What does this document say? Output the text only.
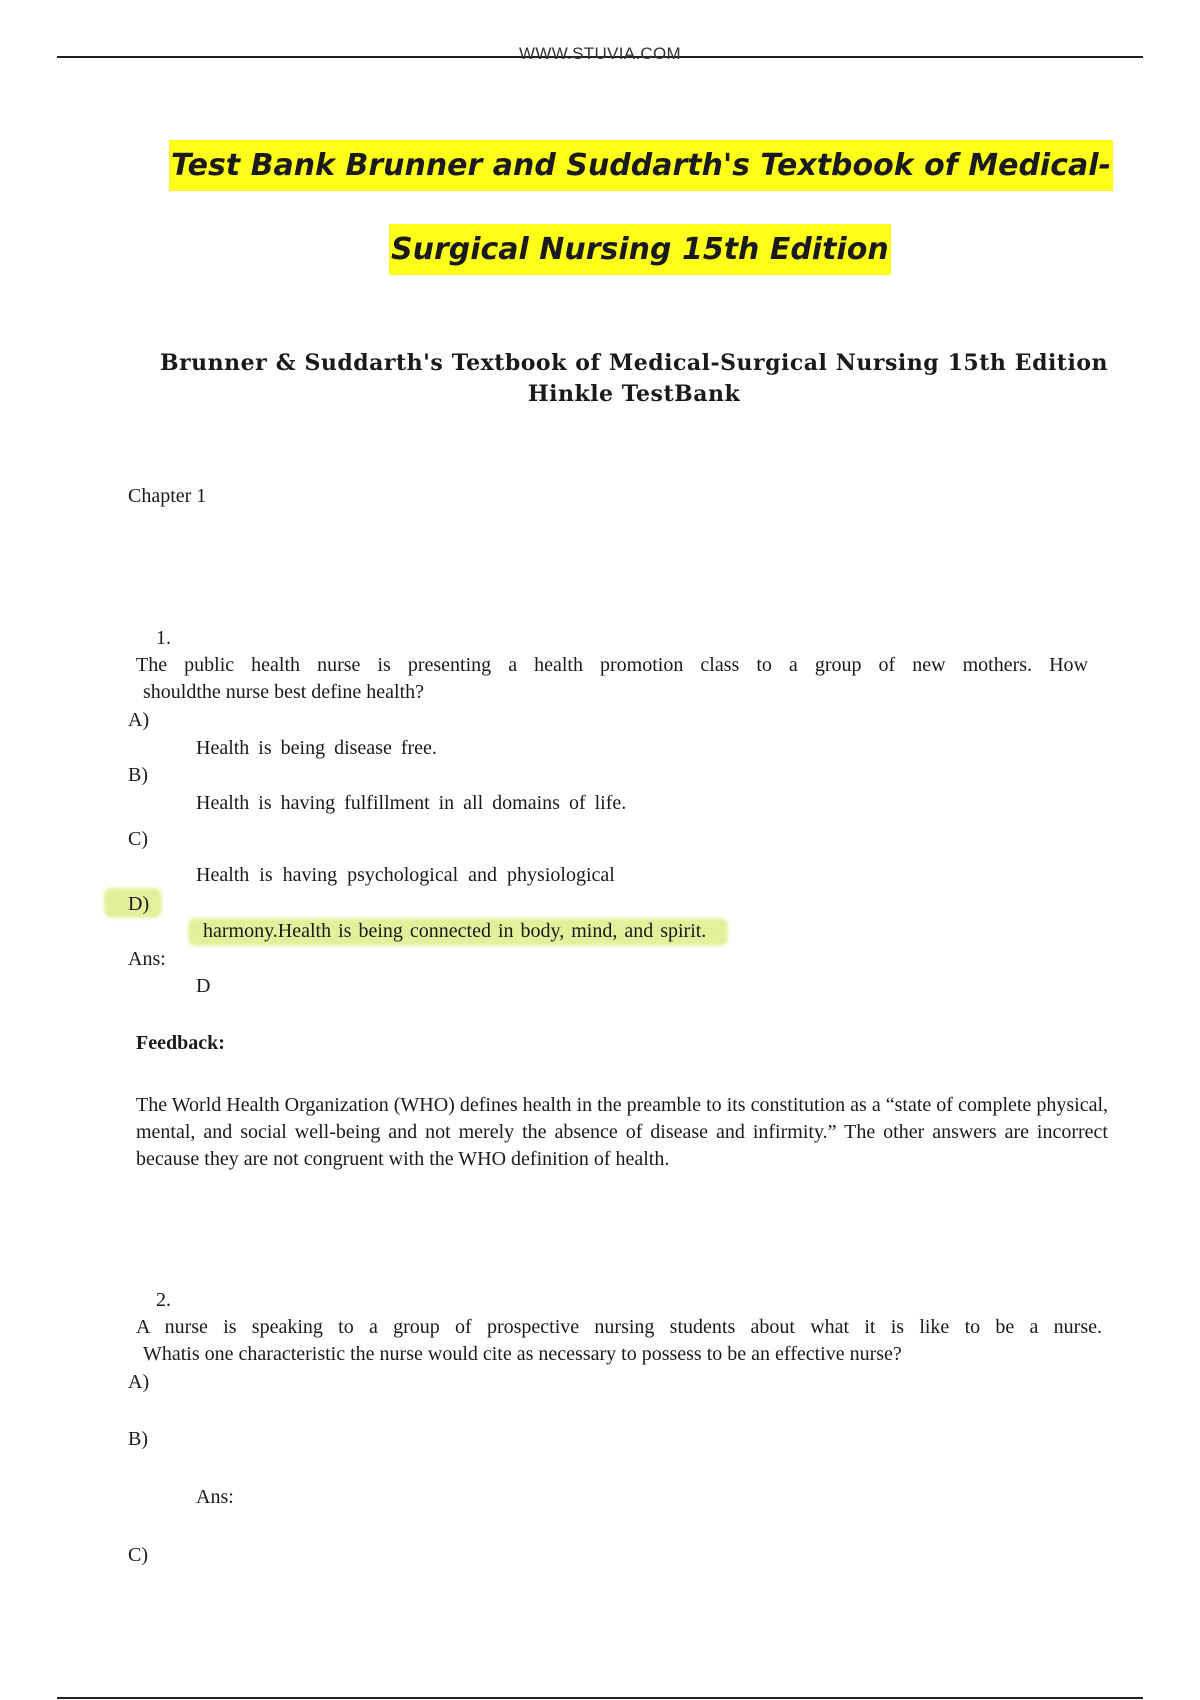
WWW.STUVIA.COM
Test Bank Brunner and Suddarth's Textbook of Medical-
Surgical Nursing 15th Edition
Brunner & Suddarth's Textbook of Medical-Surgical Nursing 15th Edition Hinkle TestBank
Chapter 1
1.
The public health nurse is presenting a health promotion class to a group of new mothers. How
shouldthe nurse best define health?
A)
Health is being disease free.
B)
Health is having fulfillment in all domains of life.
C)
Health is having psychological and physiological
D)
harmony.Health is being connected in body, mind, and spirit.
Ans:
D
Feedback:
The World Health Organization (WHO) defines health in the preamble to its constitution as a “state of complete physical, mental, and social well-being and not merely the absence of disease and infirmity.” The other answers are incorrect because they are not congruent with the WHO definition of health.
2.
A nurse is speaking to a group of prospective nursing students about what it is like to be a nurse.
Whatis one characteristic the nurse would cite as necessary to possess to be an effective nurse?
A)
B)
Ans:
C)
